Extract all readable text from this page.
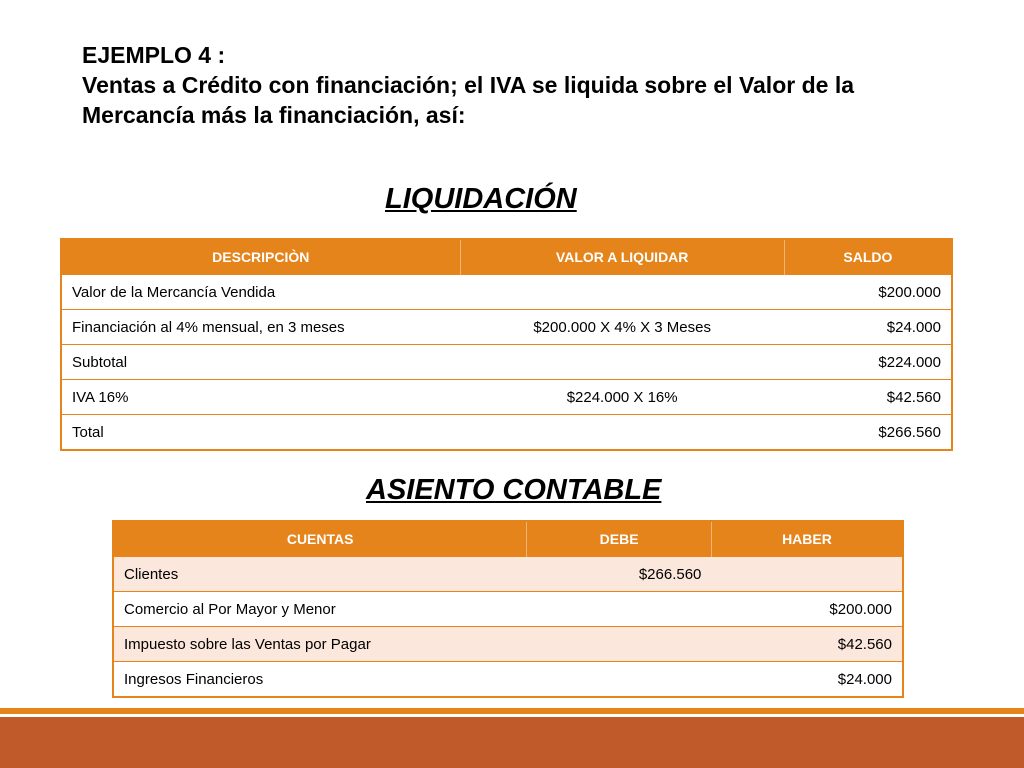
EJEMPLO 4 :
Ventas a Crédito con financiación; el IVA se liquida sobre el Valor de la
Mercancía más la financiación, así:
LIQUIDACIÓN
DESCRIPCIÒN	VALOR A LIQUIDAR	SALDO
Valor de la Mercancía Vendida		$200.000
Financiación al 4% mensual, en 3 meses	$200.000 X 4% X 3 Meses	$24.000
Subtotal		$224.000
IVA 16%	$224.000 X 16%	$42.560
Total		$266.560
ASIENTO CONTABLE
CUENTAS	DEBE	HABER
Clientes	$266.560	
Comercio al Por Mayor y Menor		$200.000
Impuesto sobre las Ventas por Pagar		$42.560
Ingresos Financieros		$24.000
